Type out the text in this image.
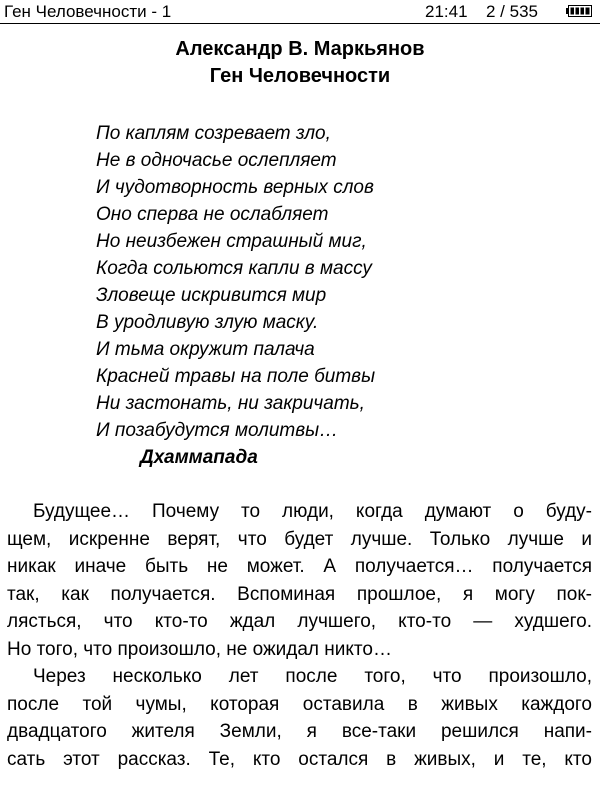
Ген Человечности - 1	21:41 2 / 535
Александр В. Маркьянов
Ген Человечности
По каплям созревает зло,
Не в одночасье ослепляет
И чудотворность верных слов
Оно сперва не ослабляет
Но неизбежен страшный миг,
Когда сольются капли в массу
Зловеще искривится мир
В уродливую злую маску.
И тьма окружит палача
Красней травы на поле битвы
Ни застонать, ни закричать,
И позабудутся молитвы…
Дхаммапада
Будущее… Почему то люди, когда думают о буду-
щем, искренне верят, что будет лучше. Только лучше и
никак иначе быть не может. А получается… получается
так, как получается. Вспоминая прошлое, я могу пок-
лясться, что кто-то ждал лучшего, кто-то — худшего.
Но того, что произошло, не ожидал никто…
Через несколько лет после того, что произошло,
после той чумы, которая оставила в живых каждого
двадцатого жителя Земли, я все-таки решился напи-
сать этот рассказ. Те, кто остался в живых, и те, кто
